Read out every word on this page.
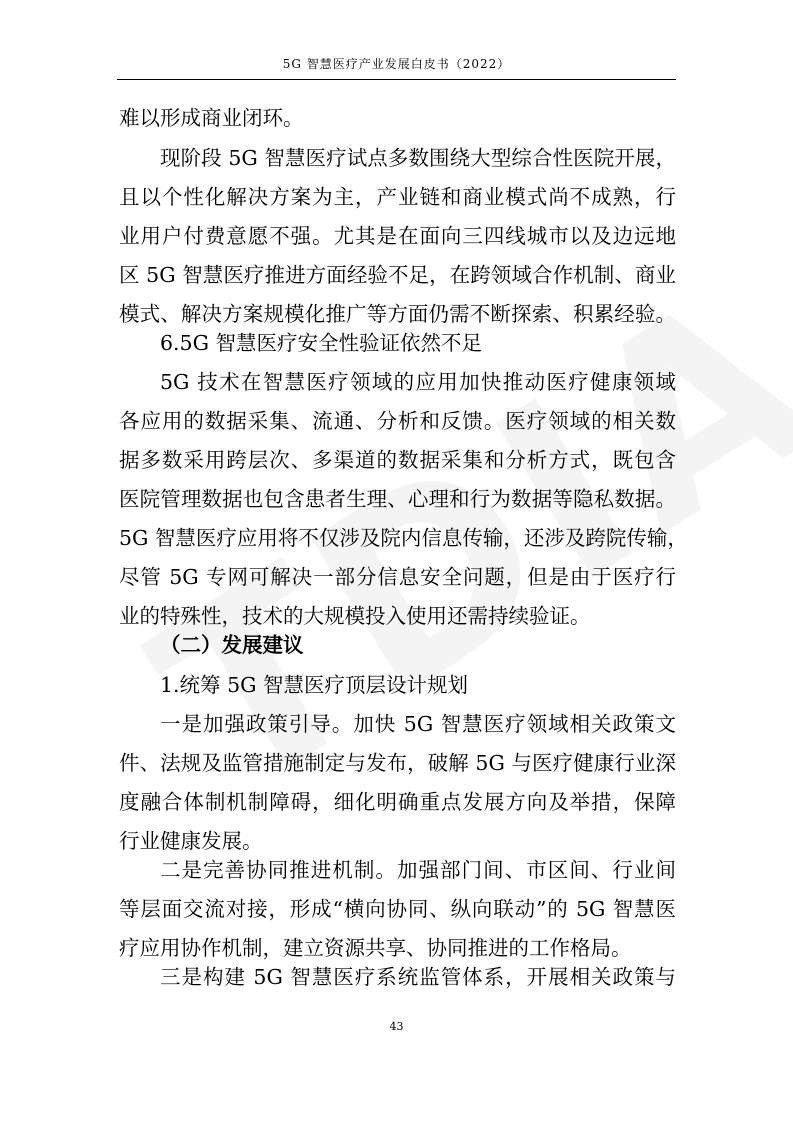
5G 智慧医疗产业发展白皮书（2022）
难以形成商业闭环。
现阶段 5G 智慧医疗试点多数围绕大型综合性医院开展，
且以个性化解决方案为主，产业链和商业模式尚不成熟，行
业用户付费意愿不强。尤其是在面向三四线城市以及边远地
区 5G 智慧医疗推进方面经验不足，在跨领域合作机制、商业
模式、解决方案规模化推广等方面仍需不断探索、积累经验。
6.5G 智慧医疗安全性验证依然不足
5G 技术在智慧医疗领域的应用加快推动医疗健康领域
各应用的数据采集、流通、分析和反馈。医疗领域的相关数
据多数采用跨层次、多渠道的数据采集和分析方式，既包含
医院管理数据也包含患者生理、心理和行为数据等隐私数据。
5G 智慧医疗应用将不仅涉及院内信息传输，还涉及跨院传输，
尽管 5G 专网可解决一部分信息安全问题，但是由于医疗行
业的特殊性，技术的大规模投入使用还需持续验证。
（二）发展建议
1.统筹 5G 智慧医疗顶层设计规划
一是加强政策引导。加快 5G 智慧医疗领域相关政策文
件、法规及监管措施制定与发布，破解 5G 与医疗健康行业深
度融合体制机制障碍，细化明确重点发展方向及举措，保障
行业健康发展。
二是完善协同推进机制。加强部门间、市区间、行业间
等层面交流对接，形成“横向协同、纵向联动”的 5G 智慧医
疗应用协作机制，建立资源共享、协同推进的工作格局。
三是构建 5G 智慧医疗系统监管体系，开展相关政策与
43
